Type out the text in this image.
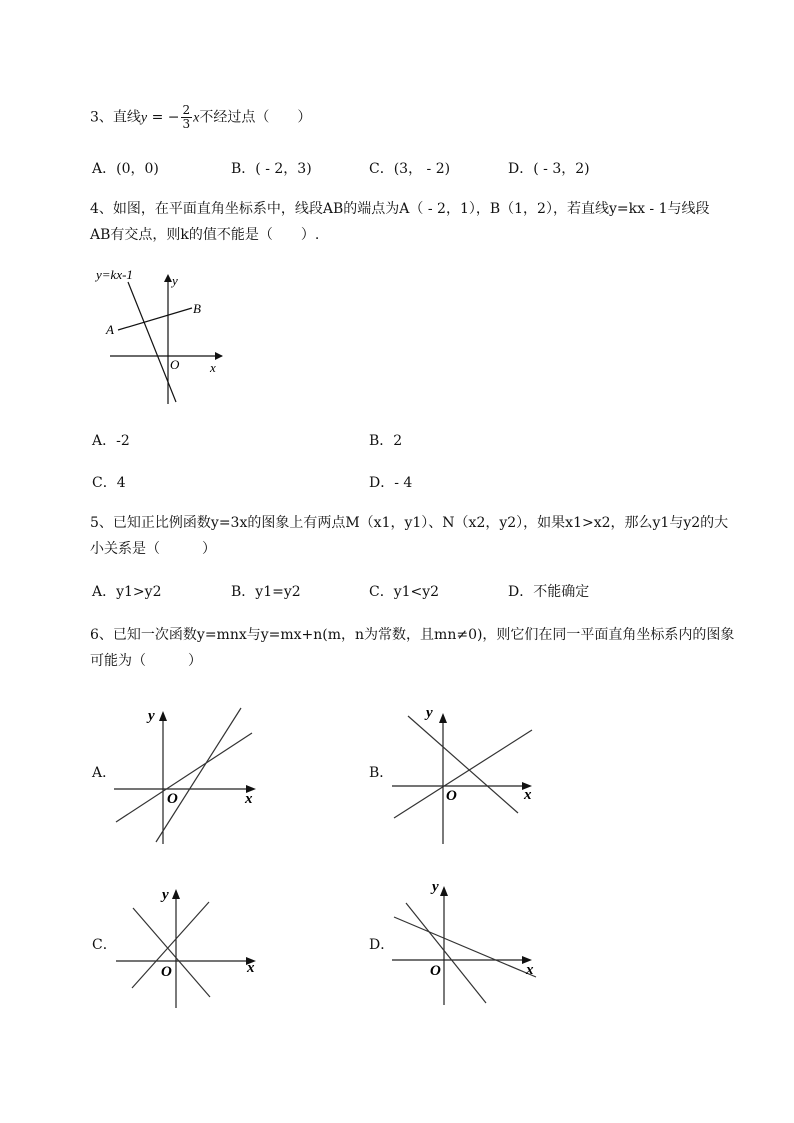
3、直线y = − $\frac{2}{3}$ x不经过点（　　）
A．(0，0)	B．( - 2，3)	C．(3， - 2)	D．( - 3，2)
4、如图，在平面直角坐标系中，线段AB的端点为A（ - 2，1），B（1，2），若直线y=kx - 1与线段
AB有交点，则k的值不能是（　　）.
y=kx-1	y
x
O
A
B
A．-2	B．2
C．4	D．- 4
5、已知正比例函数y=3x的图象上有两点M（x1，y1）、N（x2，y2），如果x1>x2，那么y1与y2的大
小关系是（　　　）
A．y1>y2	B．y1=y2	C．y1<y2	D．不能确定
6、已知一次函数y=mnx与y=mx+n(m，n为常数，且mn≠0)，则它们在同一平面直角坐标系内的图象
可能为（　　　）
A．
y
x
O
B．
y
x
O
C．
y
x
O
D．
y
x
O
